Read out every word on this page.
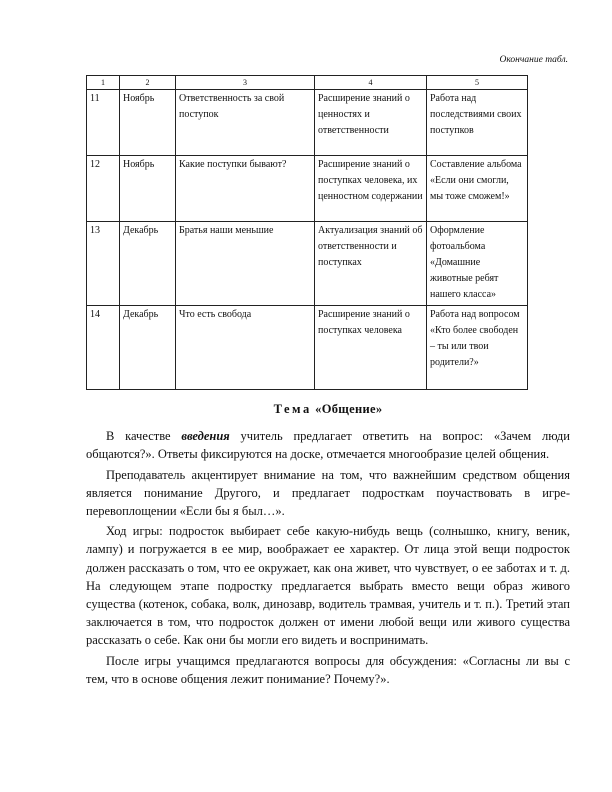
Окончание табл.
1	2	3	4	5
11	Ноябрь	Ответственность за свой поступок	Расширение знаний о ценностях и ответственности	Работа над последствиями своих поступков
12	Ноябрь	Какие поступки бывают?	Расширение знаний о поступках человека, их ценностном содержании	Составление альбома «Если они смогли, мы тоже сможем!»
13	Декабрь	Братья наши меньшие	Актуализация знаний об ответственности и поступках	Оформление фотоальбома «Домашние животные ребят нашего класса»
14	Декабрь	Что есть свобода	Расширение знаний о поступках человека	Работа над вопросом «Кто более свободен – ты или твои родители?»
Тема «Общение»

В качестве введения учитель предлагает ответить на вопрос: «Зачем люди общаются?». Ответы фиксируются на доске, отмечается многообразие целей общения.

Преподаватель акцентирует внимание на том, что важнейшим средством общения является понимание Другого, и предлагает подросткам поучаствовать в игре-перевоплощении «Если бы я был…».

Ход игры: подросток выбирает себе какую-нибудь вещь (солнышко, книгу, веник, лампу) и погружается в ее мир, воображает ее характер. От лица этой вещи подросток должен рассказать о том, что ее окружает, как она живет, что чувствует, о ее заботах и т. д. На следующем этапе подростку предлагается выбрать вместо вещи образ живого существа (котенок, собака, волк, динозавр, водитель трамвая, учитель и т. п.). Третий этап заключается в том, что подросток должен от имени любой вещи или живого существа рассказать о себе. Как они бы могли его видеть и воспринимать.

После игры учащимся предлагаются вопросы для обсуждения: «Согласны ли вы с тем, что в основе общения лежит понимание? Почему?».
